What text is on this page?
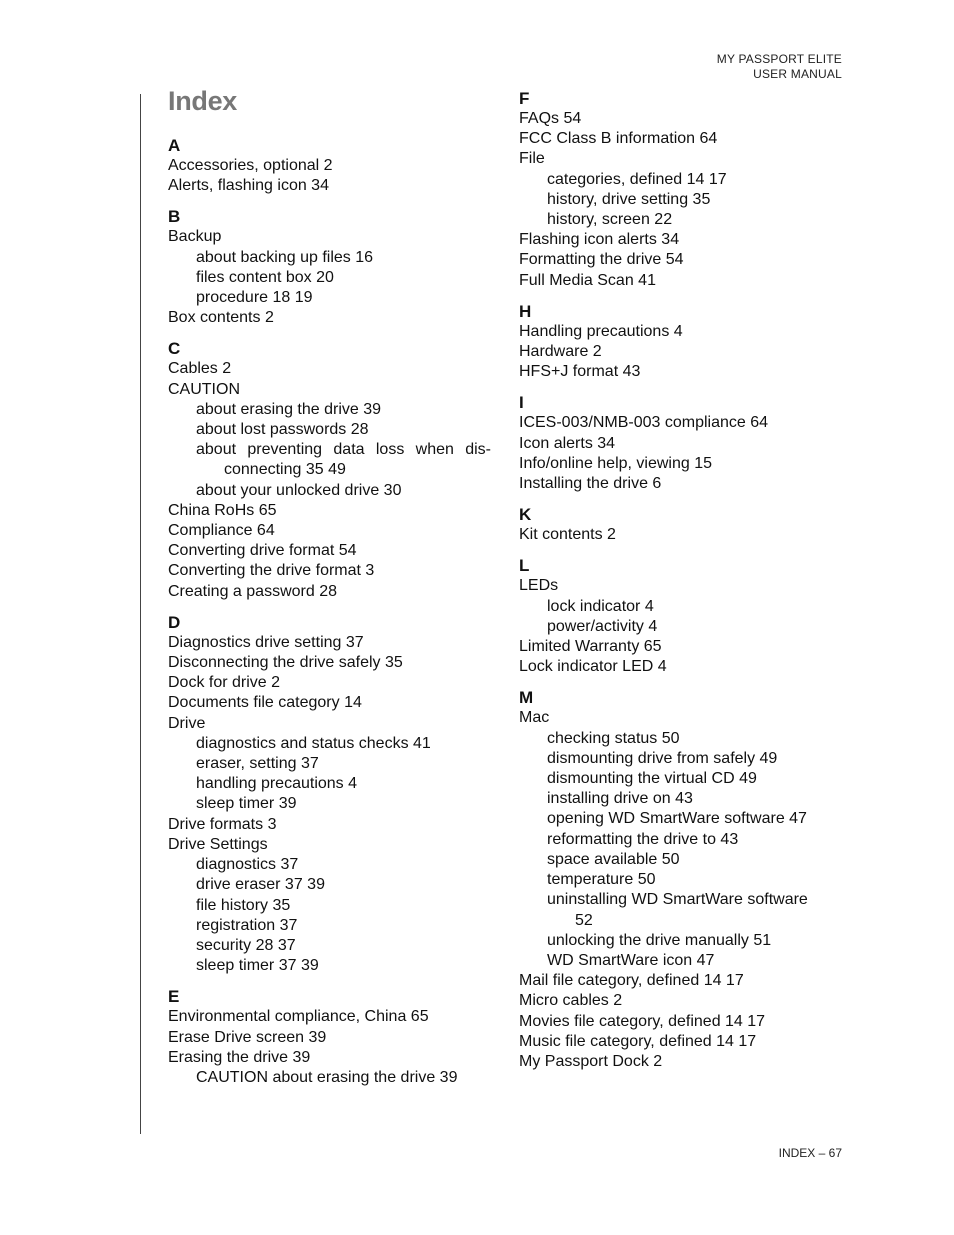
MY PASSPORT ELITE
USER MANUAL
Index
A
Accessories, optional 2
Alerts, flashing icon 34
B
Backup
about backing up files 16
files content box 20
procedure 18 19
Box contents 2
C
Cables 2
CAUTION
about erasing the drive 39
about lost passwords 28
about preventing data loss when dis-
connecting 35 49
about your unlocked drive 30
China RoHs 65
Compliance 64
Converting drive format 54
Converting the drive format 3
Creating a password 28
D
Diagnostics drive setting 37
Disconnecting the drive safely 35
Dock for drive 2
Documents file category 14
Drive
diagnostics and status checks 41
eraser, setting 37
handling precautions 4
sleep timer 39
Drive formats 3
Drive Settings
diagnostics 37
drive eraser 37 39
file history 35
registration 37
security 28 37
sleep timer 37 39
E
Environmental compliance, China 65
Erase Drive screen 39
Erasing the drive 39
CAUTION about erasing the drive 39
F
FAQs 54
FCC Class B information 64
File
categories, defined 14 17
history, drive setting 35
history, screen 22
Flashing icon alerts 34
Formatting the drive 54
Full Media Scan 41
H
Handling precautions 4
Hardware 2
HFS+J format 43
I
ICES-003/NMB-003 compliance 64
Icon alerts 34
Info/online help, viewing 15
Installing the drive 6
K
Kit contents 2
L
LEDs
lock indicator 4
power/activity 4
Limited Warranty 65
Lock indicator LED 4
M
Mac
checking status 50
dismounting drive from safely 49
dismounting the virtual CD 49
installing drive on 43
opening WD SmartWare software 47
reformatting the drive to 43
space available 50
temperature 50
uninstalling WD SmartWare software
52
unlocking the drive manually 51
WD SmartWare icon 47
Mail file category, defined 14 17
Micro cables 2
Movies file category, defined 14 17
Music file category, defined 14 17
My Passport Dock 2
INDEX – 67
